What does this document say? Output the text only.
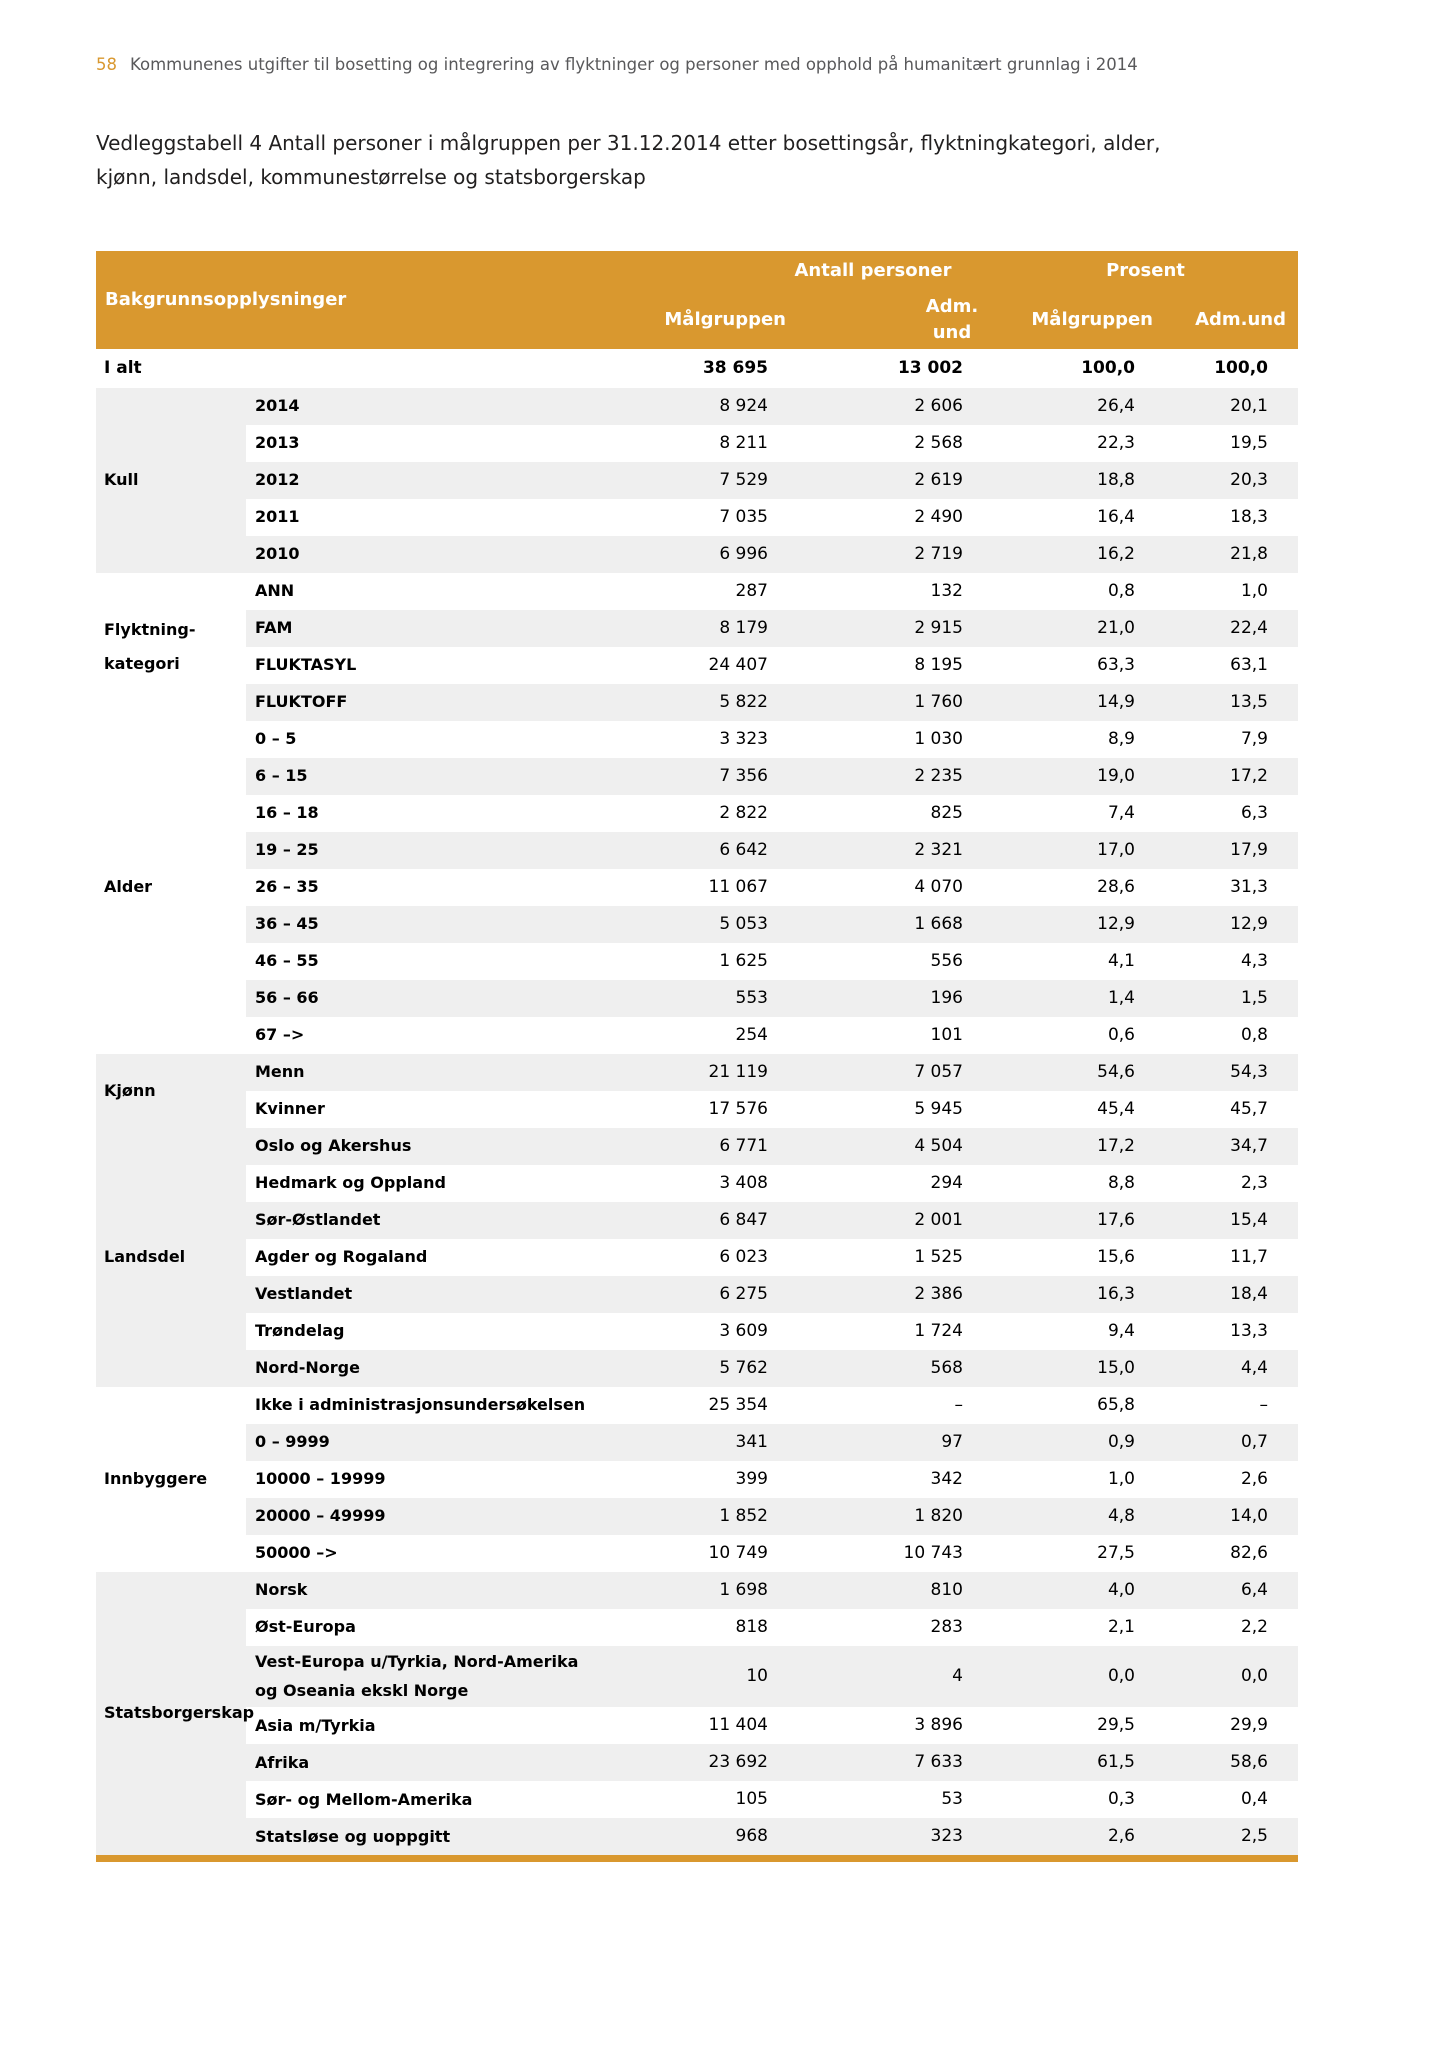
58 Kommunenes utgifter til bosetting og integrering av flyktninger og personer med opphold på humanitært grunnlag i 2014
Vedleggstabell 4 Antall personer i målgruppen per 31.12.2014 etter bosettingsår, flyktningkategori, alder, kjønn, landsdel, kommunestørrelse og statsborgerskap
Bakgrunnsopplysninger		Antall personer		Prosent	
		Målgruppen	Adm. und	Målgruppen	Adm.und
I alt		38 695	13 002	100,0	100,0
Kull	2014	8 924	2 606	26,4	20,1
	2013	8 211	2 568	22,3	19,5
	2012	7 529	2 619	18,8	20,3
	2011	7 035	2 490	16,4	18,3
	2010	6 996	2 719	16,2	21,8
Flyktning-kategori	ANN	287	132	0,8	1,0
	FAM	8 179	2 915	21,0	22,4
	FLUKTASYL	24 407	8 195	63,3	63,1
	FLUKTOFF	5 822	1 760	14,9	13,5
Alder	0 – 5	3 323	1 030	8,9	7,9
	6 – 15	7 356	2 235	19,0	17,2
	16 – 18	2 822	825	7,4	6,3
	19 – 25	6 642	2 321	17,0	17,9
	26 – 35	11 067	4 070	28,6	31,3
	36 – 45	5 053	1 668	12,9	12,9
	46 – 55	1 625	556	4,1	4,3
	56 – 66	553	196	1,4	1,5
	67 –>	254	101	0,6	0,8
Kjønn	Menn	21 119	7 057	54,6	54,3
	Kvinner	17 576	5 945	45,4	45,7
Landsdel	Oslo og Akershus	6 771	4 504	17,2	34,7
	Hedmark og Oppland	3 408	294	8,8	2,3
	Sør-Østlandet	6 847	2 001	17,6	15,4
	Agder og Rogaland	6 023	1 525	15,6	11,7
	Vestlandet	6 275	2 386	16,3	18,4
	Trøndelag	3 609	1 724	9,4	13,3
	Nord-Norge	5 762	568	15,0	4,4
Innbyggere	Ikke i administrasjonsundersøkelsen	25 354	–	65,8	–
	0 – 9999	341	97	0,9	0,7
	10000 – 19999	399	342	1,0	2,6
	20000 – 49999	1 852	1 820	4,8	14,0
	50000 –>	10 749	10 743	27,5	82,6
Statsborgerskap	Norsk	1 698	810	4,0	6,4
	Øst-Europa	818	283	2,1	2,2
	Vest-Europa u/Tyrkia, Nord-Amerika og Oseania ekskl Norge	10	4	0,0	0,0
	Asia m/Tyrkia	11 404	3 896	29,5	29,9
	Afrika	23 692	7 633	61,5	58,6
	Sør- og Mellom-Amerika	105	53	0,3	0,4
	Statsløse og uoppgitt	968	323	2,6	2,5
